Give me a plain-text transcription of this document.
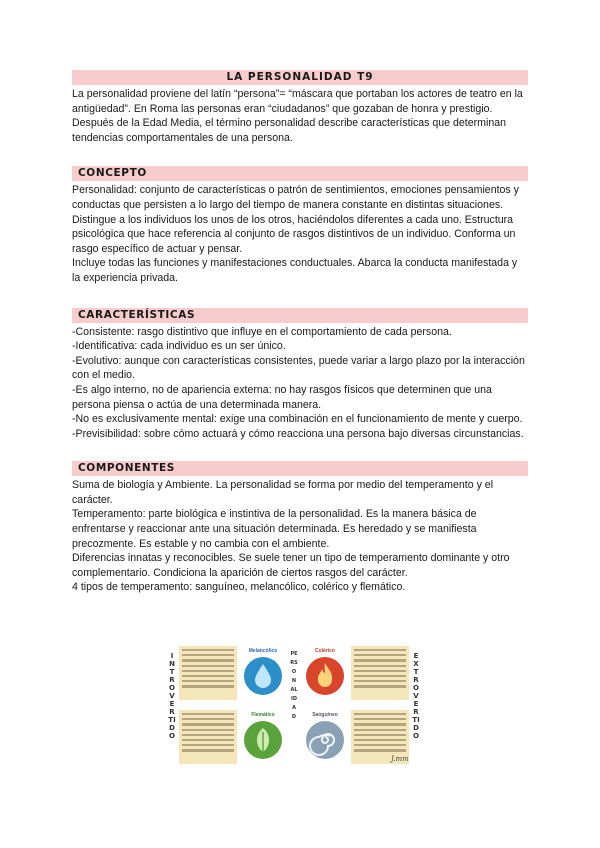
LA PERSONALIDAD T9

La personalidad proviene del latín “persona”= “máscara que portaban los actores de teatro en la antigüedad”. En Roma las personas eran “ciudadanos” que gozaban de honra y prestigio.

Después de la Edad Media, el término personalidad describe características que determinan tendencias comportamentales de una persona.

CONCEPTO

Personalidad: conjunto de características o patrón de sentimientos, emociones pensamientos y conductas que persisten a lo largo del tiempo de manera constante en distintas situaciones. Distingue a los individuos los unos de los otros, haciéndolos diferentes a cada uno. Estructura psicológica que hace referencia al conjunto de rasgos distintivos de un individuo. Conforma un rasgo específico de actuar y pensar.

Incluye todas las funciones y manifestaciones conductuales. Abarca la conducta manifestada y la experiencia privada.

CARACTERÍSTICAS

-Consistente: rasgo distintivo que influye en el comportamiento de cada persona.

-Identificativa: cada individuo es un ser único.

-Evolutivo: aunque con características consistentes, puede variar a largo plazo por la interacción con el medio.

-Es algo interno, no de apariencia externa: no hay rasgos físicos que determinen que una persona piensa o actúa de una determinada manera.

-No es exclusivamente mental: exige una combinación en el funcionamiento de mente y cuerpo.

-Previsibilidad: sobre cómo actuará y cómo reacciona una persona bajo diversas circunstancias.

COMPONENTES

Suma de biología y Ambiente. La personalidad se forma por medio del temperamento y el carácter.

Temperamento: parte biológica e instintiva de la personalidad. Es la manera básica de enfrentarse y reaccionar ante una situación determinada. Es heredado y se manifiesta precozmente. Es estable y no cambia con el ambiente.

Diferencias innatas y reconocibles. Se suele tener un tipo de temperamento dominante y otro complementario. Condiciona la aparición de ciertos rasgos del carácter.

4 tipos de temperamento: sanguíneo, melancólico, colérico y flemático.

INTROVERTIDO
EXTROVERTIDO
PERSONALIDAD
Melancólico	Colérico
Flemático	Sanguíneo
J.mm
